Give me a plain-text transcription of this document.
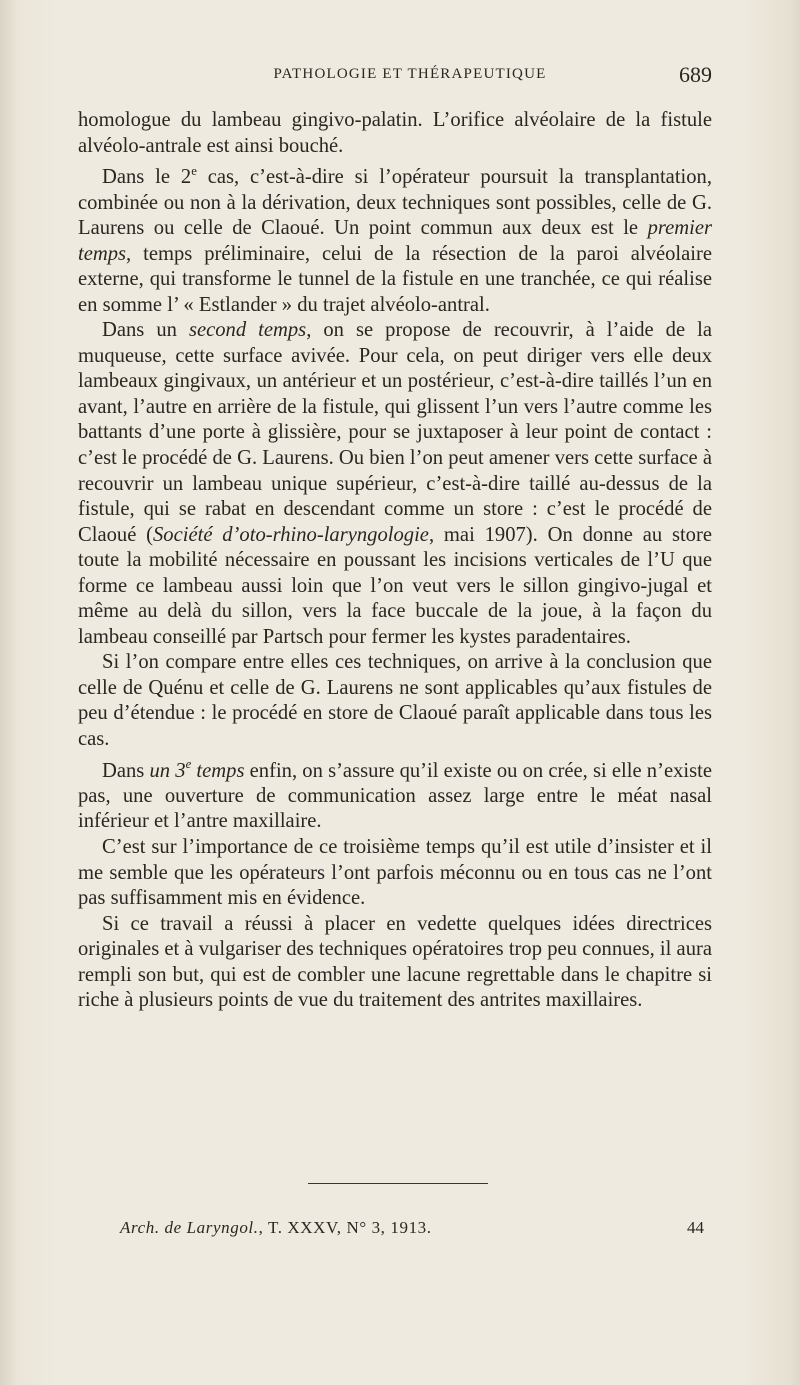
PATHOLOGIE ET THÉRAPEUTIQUE	689

homologue du lambeau gingivo-palatin. L’orifice alvéolaire de la fistule alvéolo-antrale est ainsi bouché.

Dans le 2e cas, c’est-à-dire si l’opérateur poursuit la transplantation, combinée ou non à la dérivation, deux techniques sont possibles, celle de G. Laurens ou celle de Claoué. Un point commun aux deux est le premier temps, temps préliminaire, celui de la résection de la paroi alvéolaire externe, qui transforme le tunnel de la fistule en une tranchée, ce qui réalise en somme l’ « Estlander » du trajet alvéolo-antral.

Dans un second temps, on se propose de recouvrir, à l’aide de la muqueuse, cette surface avivée. Pour cela, on peut diriger vers elle deux lambeaux gingivaux, un antérieur et un postérieur, c’est-à-dire taillés l’un en avant, l’autre en arrière de la fistule, qui glissent l’un vers l’autre comme les battants d’une porte à glissière, pour se juxtaposer à leur point de contact : c’est le procédé de G. Laurens. Ou bien l’on peut amener vers cette surface à recouvrir un lambeau unique supérieur, c’est-à-dire taillé au-dessus de la fistule, qui se rabat en descendant comme un store : c’est le procédé de Claoué (Société d’oto-rhino-laryngologie, mai 1907). On donne au store toute la mobilité nécessaire en poussant les incisions verticales de l’U que forme ce lambeau aussi loin que l’on veut vers le sillon gingivo-jugal et même au delà du sillon, vers la face buccale de la joue, à la façon du lambeau conseillé par Partsch pour fermer les kystes paradentaires.

Si l’on compare entre elles ces techniques, on arrive à la conclusion que celle de Quénu et celle de G. Laurens ne sont applicables qu’aux fistules de peu d’étendue : le procédé en store de Claoué paraît applicable dans tous les cas.

Dans un 3e temps enfin, on s’assure qu’il existe ou on crée, si elle n’existe pas, une ouverture de communication assez large entre le méat nasal inférieur et l’antre maxillaire.

C’est sur l’importance de ce troisième temps qu’il est utile d’insister et il me semble que les opérateurs l’ont parfois méconnu ou en tous cas ne l’ont pas suffisamment mis en évidence.

Si ce travail a réussi à placer en vedette quelques idées directrices originales et à vulgariser des techniques opératoires trop peu connues, il aura rempli son but, qui est de combler une lacune regrettable dans le chapitre si riche à plusieurs points de vue du traitement des antrites maxillaires.

Arch. de Laryngol., T. XXXV, N° 3, 1913.	44
